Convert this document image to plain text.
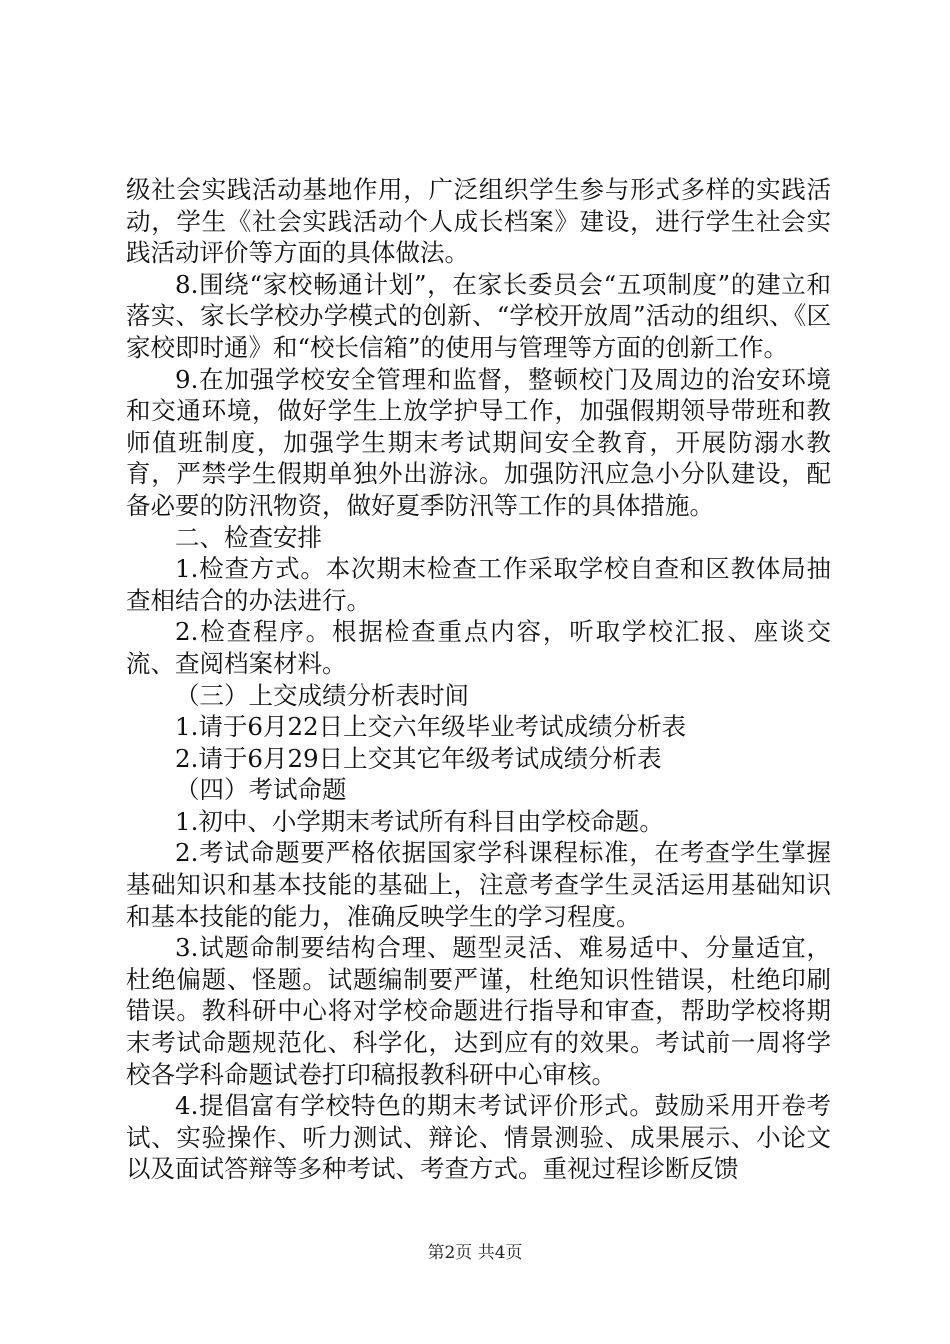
级社会实践活动基地作用，广泛组织学生参与形式多样的实践活动，学生《社会实践活动个人成长档案》建设，进行学生社会实践活动评价等方面的具体做法。

8.围绕“家校畅通计划”，在家长委员会“五项制度”的建立和落实、家长学校办学模式的创新、“学校开放周”活动的组织、《区家校即时通》和“校长信箱”的使用与管理等方面的创新工作。

9.在加强学校安全管理和监督，整顿校门及周边的治安环境和交通环境，做好学生上放学护导工作，加强假期领导带班和教师值班制度，加强学生期末考试期间安全教育，开展防溺水教育，严禁学生假期单独外出游泳。加强防汛应急小分队建设，配备必要的防汛物资，做好夏季防汛等工作的具体措施。

二、检查安排

1.检查方式。本次期末检查工作采取学校自查和区教体局抽查相结合的办法进行。

2.检查程序。根据检查重点内容，听取学校汇报、座谈交流、查阅档案材料。

（三）上交成绩分析表时间

1.请于6月22日上交六年级毕业考试成绩分析表

2.请于6月29日上交其它年级考试成绩分析表

（四）考试命题

1.初中、小学期末考试所有科目由学校命题。

2.考试命题要严格依据国家学科课程标准，在考查学生掌握基础知识和基本技能的基础上，注意考查学生灵活运用基础知识和基本技能的能力，准确反映学生的学习程度。

3.试题命制要结构合理、题型灵活、难易适中、分量适宜，杜绝偏题、怪题。试题编制要严谨，杜绝知识性错误，杜绝印刷错误。教科研中心将对学校命题进行指导和审查，帮助学校将期末考试命题规范化、科学化，达到应有的效果。考试前一周将学校各学科命题试卷打印稿报教科研中心审核。

4.提倡富有学校特色的期末考试评价形式。鼓励采用开卷考试、实验操作、听力测试、辩论、情景测验、成果展示、小论文以及面试答辩等多种考试、考查方式。重视过程诊断反馈

第2页 共4页
